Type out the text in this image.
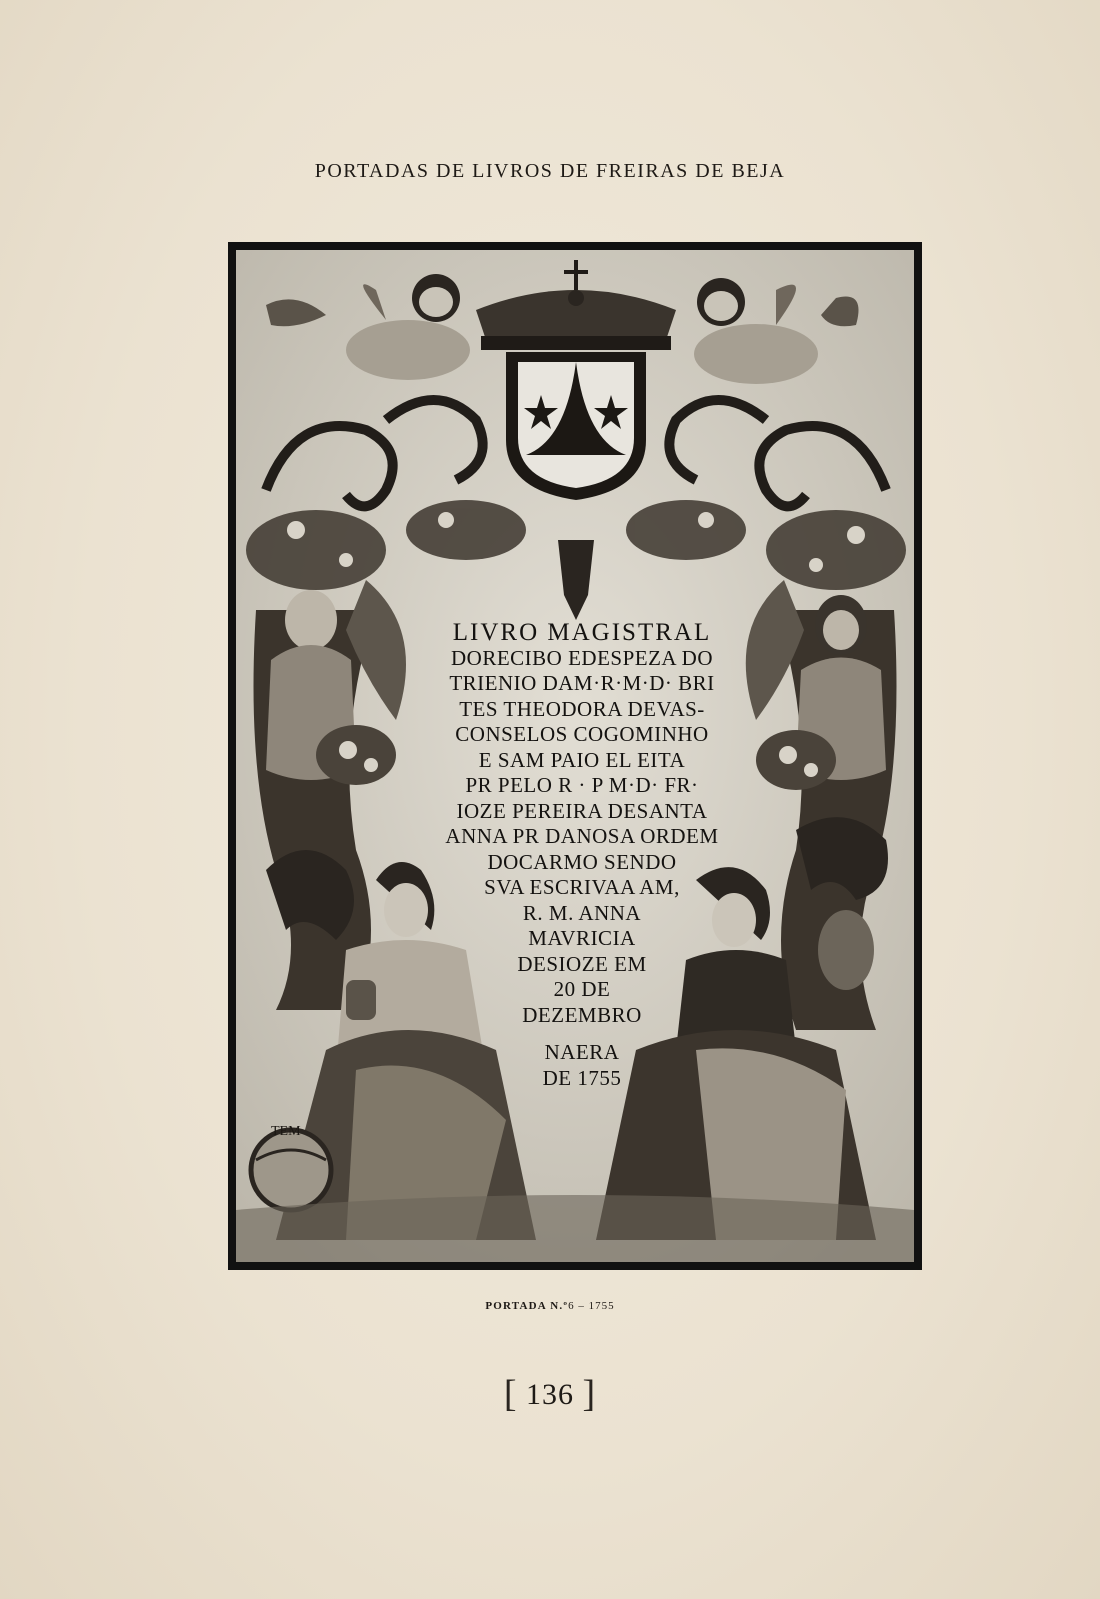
PORTADAS DE LIVROS DE FREIRAS DE BEJA
TEM
LIVRO MAGISTRAL
DORECIBO EDESPEZA DO
TRIENIO DAM·R·M·D· BRI
TES THEODORA DEVAS-
CONSELOS COGOMINHO
E SAM PAIO EL EITA
PR PELO R · P M·D· FR·
IOZE PEREIRA DESANTA
ANNA PR DANOSA ORDEM
DOCARMO SENDO
SVA ESCRIVAA AM,
R. M. ANNA
MAVRICIA
DESIOZE EM
20 DE
DEZEMBRO
NAERA
DE 1755
PORTADA N.º6 – 1755
[ 136 ]
